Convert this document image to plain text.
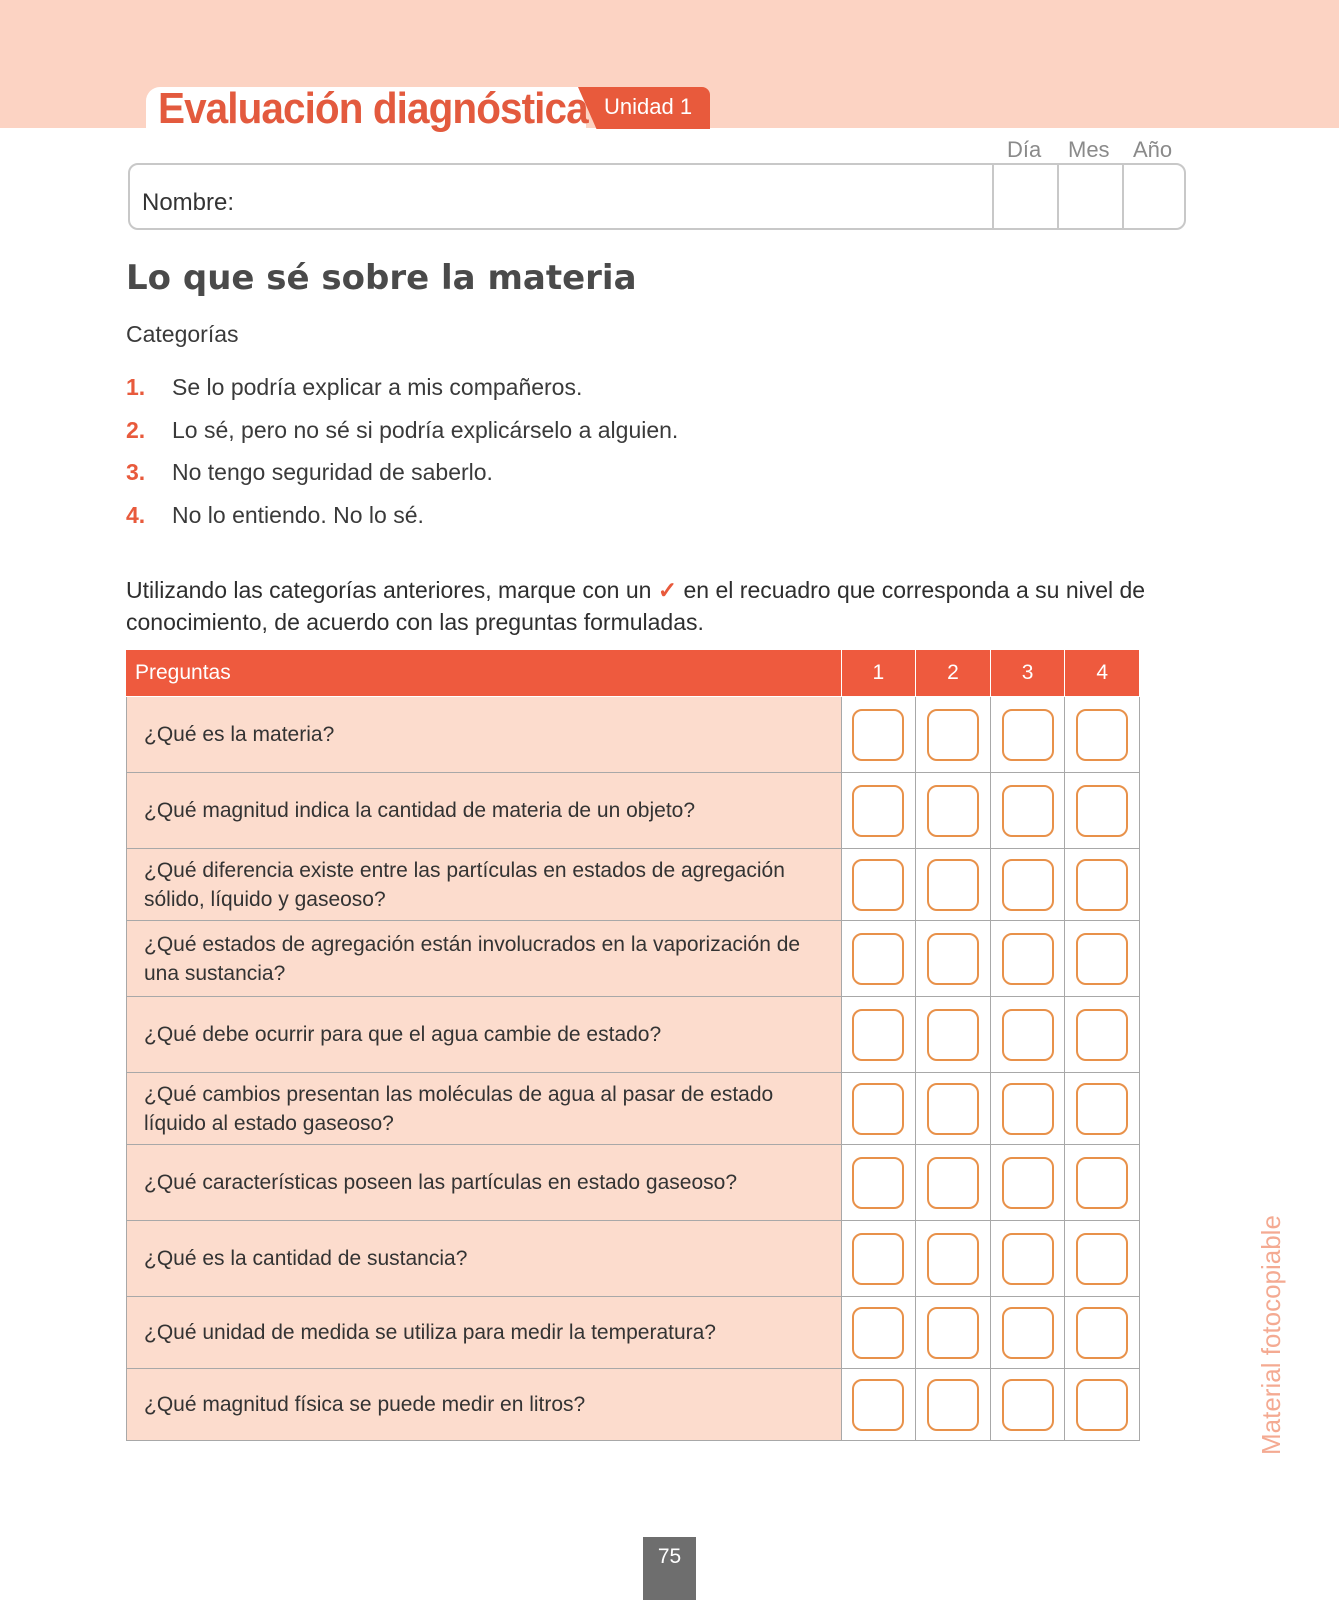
Evaluación diagnóstica Unidad 1
Día Mes Año
Nombre:
Lo que sé sobre la materia
Categorías
1. Se lo podría explicar a mis compañeros.
2. Lo sé, pero no sé si podría explicárselo a alguien.
3. No tengo seguridad de saberlo.
4. No lo entiendo. No lo sé.
Utilizando las categorías anteriores, marque con un ✓ en el recuadro que corresponda a su nivel de conocimiento, de acuerdo con las preguntas formuladas.
Preguntas	1	2	3	4
¿Qué es la materia?				
¿Qué magnitud indica la cantidad de materia de un objeto?				
¿Qué diferencia existe entre las partículas en estados de agregación sólido, líquido y gaseoso?				
¿Qué estados de agregación están involucrados en la vaporización de una sustancia?				
¿Qué debe ocurrir para que el agua cambie de estado?				
¿Qué cambios presentan las moléculas de agua al pasar de estado líquido al estado gaseoso?				
¿Qué características poseen las partículas en estado gaseoso?				
¿Qué es la cantidad de sustancia?				
¿Qué unidad de medida se utiliza para medir la temperatura?				
¿Qué magnitud física se puede medir en litros?					Material fotocopiable
75
